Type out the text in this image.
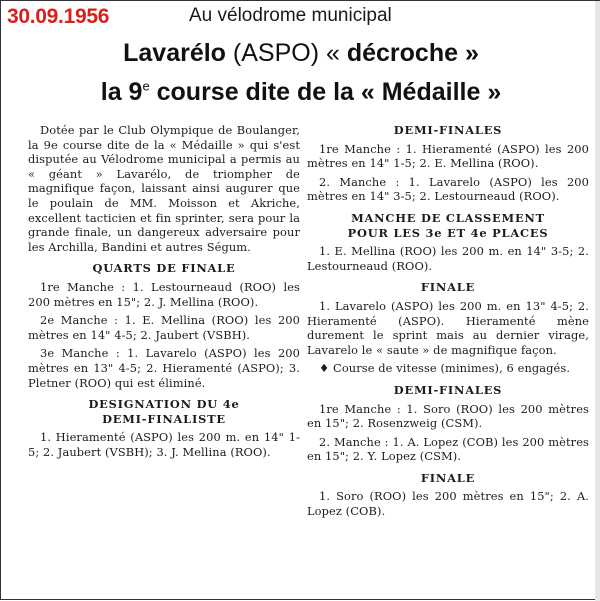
30.09.1956	Au vélodrome municipal
Lavarélo (ASPO) « décroche »
la 9e course dite de la « Médaille »

Dotée par le Club Olympique de Boulanger, la 9e course dite de la « Médaille » qui s'est disputée au Vélodrome municipal a permis au « géant » Lavarélo, de triompher de magnifique façon, laissant ainsi augurer que le poulain de MM. Moisson et Akriche, excellent tacticien et fin sprinter, sera pour la grande finale, un dangereux adversaire pour les Archilla, Bandini et autres Ségum.

QUARTS DE FINALE

1re Manche : 1. Lestourneaud (ROO) les 200 mètres en 15"; 2. J. Mellina (ROO).

2e Manche : 1. E. Mellina (ROO) les 200 mètres en 14" 4-5; 2. Jaubert (VSBH).

3e Manche : 1. Lavarelo (ASPO) les 200 mètres en 13" 4-5; 2. Hieramenté (ASPO); 3. Pletner (ROO) qui est éliminé.

DESIGNATION DU 4e

DEMI-FINALISTE

1. Hieramenté (ASPO) les 200 m. en 14" 1-5; 2. Jaubert (VSBH); 3. J. Mellina (ROO).

DEMI-FINALES

1re Manche : 1. Hieramenté (ASPO) les 200 mètres en 14" 1-5; 2. E. Mellina (ROO).

2. Manche : 1. Lavarelo (ASPO) les 200 mètres en 14" 3-5; 2. Lestourneaud (ROO).

MANCHE DE CLASSEMENT

POUR LES 3e ET 4e PLACES

1. E. Mellina (ROO) les 200 m. en 14" 3-5; 2. Lestourneaud (ROO).

FINALE

1. Lavarelo (ASPO) les 200 m. en 13" 4-5; 2. Hieramenté (ASPO). Hieramenté mène durement le sprint mais au dernier virage, Lavarelo le « saute » de magnifique façon.

♦ Course de vitesse (minimes), 6 engagés.

DEMI-FINALES

1re Manche : 1. Soro (ROO) les 200 mètres en 15"; 2. Rosenzweig (CSM).

2. Manche : 1. A. Lopez (COB) les 200 mètres en 15"; 2. Y. Lopez (CSM).

FINALE

1. Soro (ROO) les 200 mètres en 15"; 2. A. Lopez (COB).
